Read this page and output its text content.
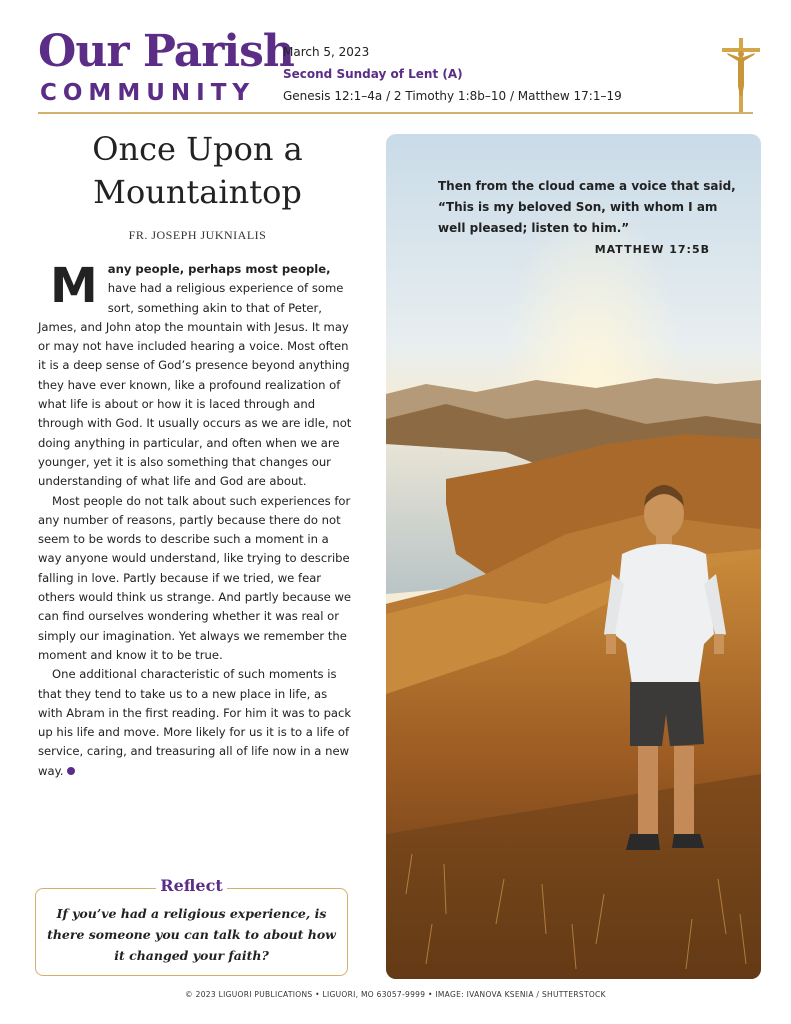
Our Parish
COMMUNITY
March 5, 2023
Second Sunday of Lent (A)
Genesis 12:1–4a / 2 Timothy 1:8b–10 / Matthew 17:1–19
Once Upon a
Mountaintop
FR. JOSEPH JUKNIALIS

Many people, perhaps most people, have had a religious experience of some sort, something akin to that of Peter, James, and John atop the mountain with Jesus. It may or may not have included hearing a voice. Most often it is a deep sense of God’s presence beyond anything they have ever known, like a profound realization of what life is about or how it is laced through and through with God. It usually occurs as we are idle, not doing anything in particular, and often when we are younger, yet it is also something that changes our understanding of what life and God are about.

Most people do not talk about such experiences for any number of reasons, partly because there do not seem to be words to describe such a moment in a way anyone would understand, like trying to describe falling in love. Partly because if we tried, we fear others would think us strange. And partly because we can find ourselves wondering whether it was real or simply our imagination. Yet always we remember the moment and know it to be true.

One additional characteristic of such moments is that they tend to take us to a new place in life, as with Abram in the first reading. For him it was to pack up his life and move. More likely for us it is to a life of service, caring, and treasuring all of life now in a new way.

Reflect
If you’ve had a religious experience, is there someone you can talk to about how it changed your faith?
Then from the cloud came a voice that said, “This is my beloved Son, with whom I am well pleased; listen to him.”
MATTHEW 17:5B
© 2023 LIGUORI PUBLICATIONS • LIGUORI, MO 63057-9999 • IMAGE: IVANOVA KSENIA / SHUTTERSTOCK
